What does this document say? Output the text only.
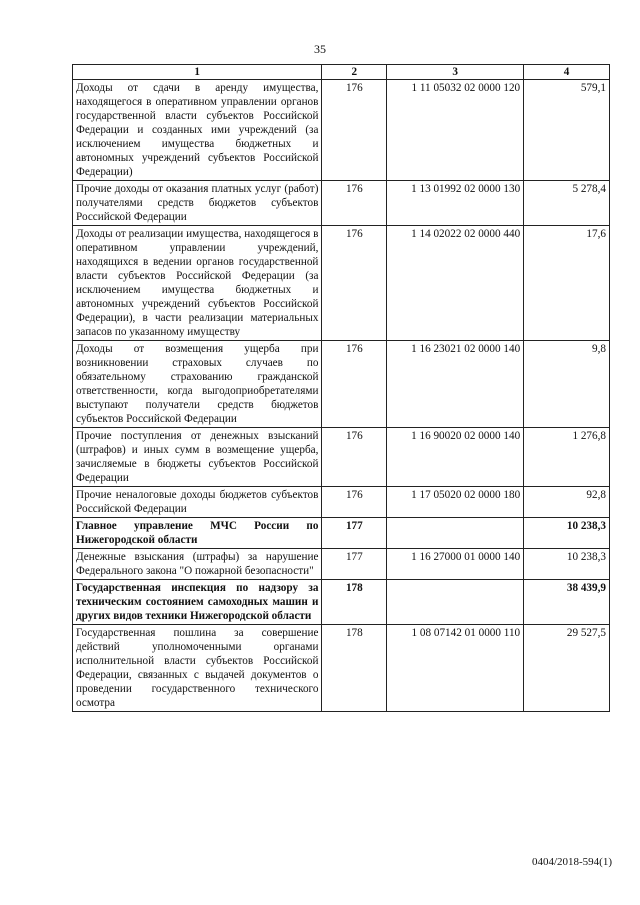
35
1	2	3	4
Доходы от сдачи в аренду имущества, находящегося в оперативном управлении органов государственной власти субъектов Российской Федерации и созданных ими учреждений (за исключением имущества бюджетных и автономных учреждений субъектов Российской Федерации)	176	1 11 05032 02 0000 120	579,1
Прочие доходы от оказания платных услуг (работ) получателями средств бюджетов субъектов Российской Федерации	176	1 13 01992 02 0000 130	5 278,4
Доходы от реализации имущества, находящегося в оперативном управлении учреждений, находящихся в ведении органов государственной власти субъектов Российской Федерации (за исключением имущества бюджетных и автономных учреждений субъектов Российской Федерации), в части реализации материальных запасов по указанному имуществу	176	1 14 02022 02 0000 440	17,6
Доходы от возмещения ущерба при возникновении страховых случаев по обязательному страхованию гражданской ответственности, когда выгодоприобретателями выступают получатели средств бюджетов субъектов Российской Федерации	176	1 16 23021 02 0000 140	9,8
Прочие поступления от денежных взысканий (штрафов) и иных сумм в возмещение ущерба, зачисляемые в бюджеты субъектов Российской Федерации	176	1 16 90020 02 0000 140	1 276,8
Прочие неналоговые доходы бюджетов субъектов Российской Федерации	176	1 17 05020 02 0000 180	92,8
Главное управление МЧС России по Нижегородской области	177		10 238,3
Денежные взыскания (штрафы) за нарушение Федерального закона "О пожарной безопасности"	177	1 16 27000 01 0000 140	10 238,3
Государственная инспекция по надзору за техническим состоянием самоходных машин и других видов техники Нижегородской области	178		38 439,9
Государственная пошлина за совершение действий уполномоченными органами исполнительной власти субъектов Российской Федерации, связанных с выдачей документов о проведении государственного технического осмотра	178	1 08 07142 01 0000 110	29 527,5
0404/2018-594(1)
